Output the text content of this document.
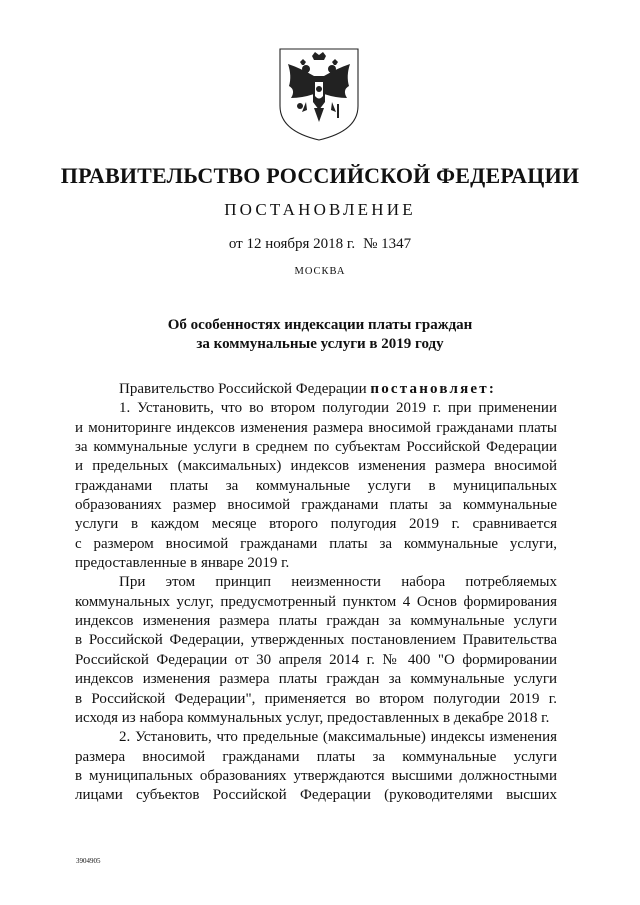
ПРАВИТЕЛЬСТВО РОССИЙСКОЙ ФЕДЕРАЦИИ
ПОСТАНОВЛЕНИЕ
от 12 ноября 2018 г. № 1347
МОСКВА
Об особенностях индексации платы граждан
за коммунальные услуги в 2019 году
Правительство Российской Федерации постановляет:
1. Установить, что во втором полугодии 2019 г. при применении
и мониторинге индексов изменения размера вносимой гражданами платы
за коммунальные услуги в среднем по субъектам Российской Федерации
и предельных (максимальных) индексов изменения размера вносимой
гражданами платы за коммунальные услуги в муниципальных
образованиях размер вносимой гражданами платы за коммунальные
услуги в каждом месяце второго полугодия 2019 г. сравнивается
с размером вносимой гражданами платы за коммунальные услуги,
предоставленные в январе 2019 г.
При этом принцип неизменности набора потребляемых
коммунальных услуг, предусмотренный пунктом 4 Основ формирования
индексов изменения размера платы граждан за коммунальные услуги
в Российской Федерации, утвержденных постановлением Правительства
Российской Федерации от 30 апреля 2014 г. № 400 "О формировании
индексов изменения размера платы граждан за коммунальные услуги
в Российской Федерации", применяется во втором полугодии 2019 г.
исходя из набора коммунальных услуг, предоставленных в декабре 2018 г.
2. Установить, что предельные (максимальные) индексы изменения
размера вносимой гражданами платы за коммунальные услуги
в муниципальных образованиях утверждаются высшими должностными
лицами субъектов Российской Федерации (руководителями высших
3904905
